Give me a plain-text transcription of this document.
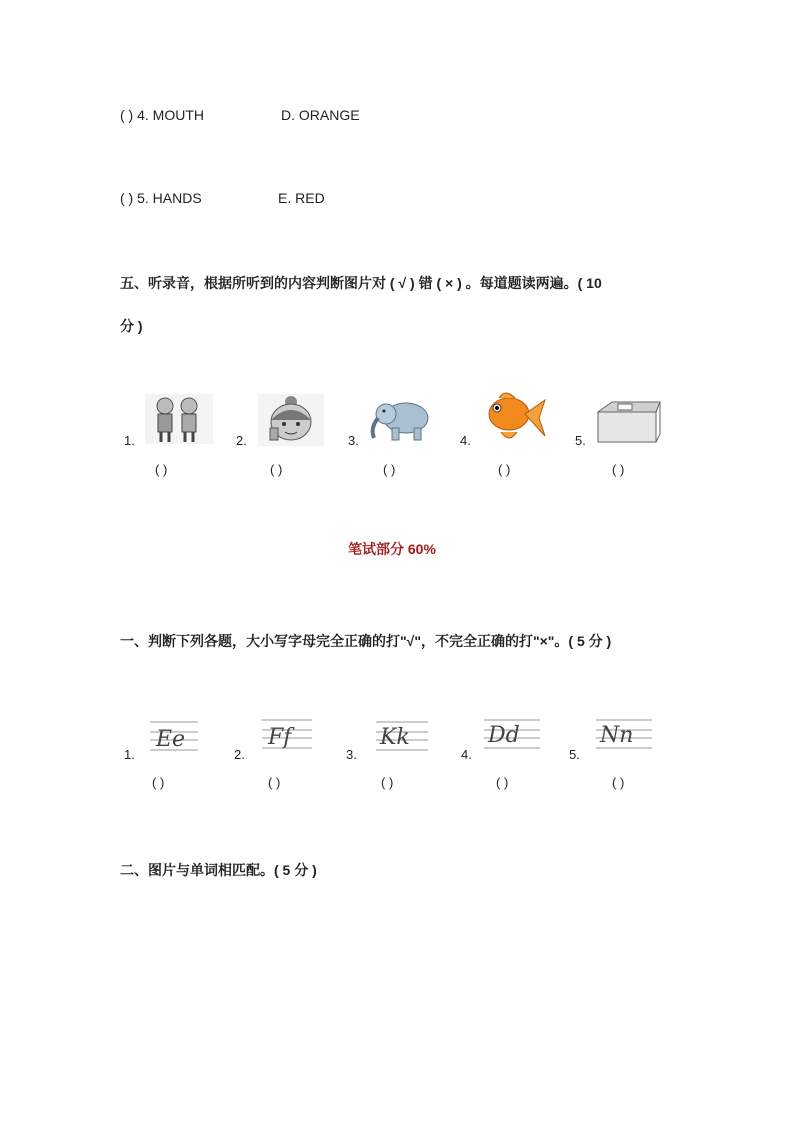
( ) 4. MOUTH	D. ORANGE
( ) 5. HANDS	E. RED
五、听录音，根据所听到的内容判断图片对 ( √ ) 错 ( × ) 。每道题读两遍。( 10
分 )
1.
( )
2.
( )
3.
( )
4.
( )
5.
( )
笔试部分 60%
一、判断下列各题，大小写字母完全正确的打"√"，不完全正确的打"×"。( 5 分 )
1.
Ee
( )
2.
Ff
( )
3.
Kk
( )
4.
Dd
( )
5.
Nn
( )
二、图片与单词相匹配。( 5 分 )
